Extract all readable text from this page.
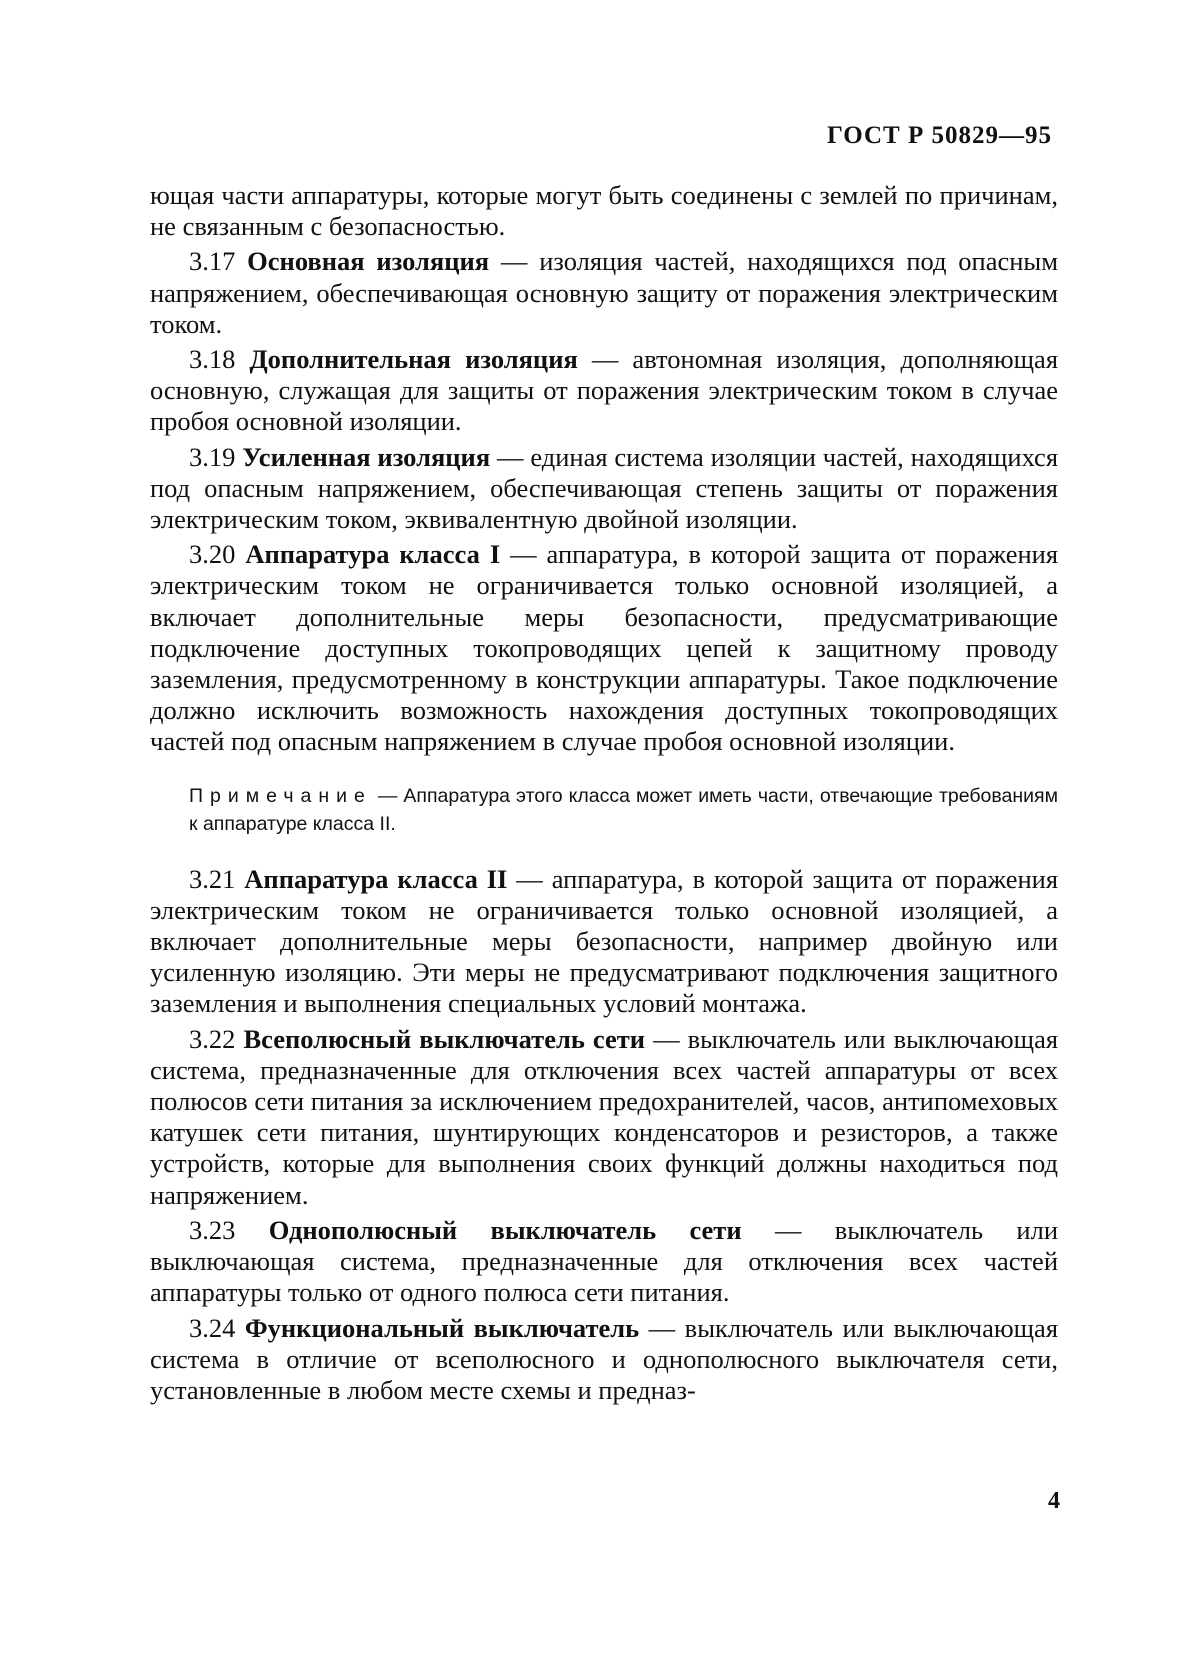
ГОСТ Р 50829—95

ющая части аппаратуры, которые могут быть соединены с землей по причинам, не связанным с безопасностью.

3.17 Основная изоляция — изоляция частей, находящихся под опасным напряжением, обеспечивающая основную защиту от поражения электрическим током.

3.18 Дополнительная изоляция — автономная изоляция, дополняющая основную, служащая для защиты от поражения электрическим током в случае пробоя основной изоляции.

3.19 Усиленная изоляция — единая система изоляции частей, находящихся под опасным напряжением, обеспечивающая степень защиты от поражения электрическим током, эквивалентную двойной изоляции.

3.20 Аппаратура класса I — аппаратура, в которой защита от поражения электрическим током не ограничивается только основной изоляцией, а включает дополнительные меры безопасности, предусматривающие подключение доступных токопроводящих цепей к защитному проводу заземления, предусмотренному в конструкции аппаратуры. Такое подключение должно исключить возможность нахождения доступных токопроводящих частей под опасным напряжением в случае пробоя основной изоляции.

Примечание — Аппаратура этого класса может иметь части, отвечающие требованиям к аппаратуре класса II.

3.21 Аппаратура класса II — аппаратура, в которой защита от поражения электрическим током не ограничивается только основной изоляцией, а включает дополнительные меры безопасности, например двойную или усиленную изоляцию. Эти меры не предусматривают подключения защитного заземления и выполнения специальных условий монтажа.

3.22 Всеполюсный выключатель сети — выключатель или выключающая система, предназначенные для отключения всех частей аппаратуры от всех полюсов сети питания за исключением предохранителей, часов, антипомеховых катушек сети питания, шунтирующих конденсаторов и резисторов, а также устройств, которые для выполнения своих функций должны находиться под напряжением.

3.23 Однополюсный выключатель сети — выключатель или выключающая система, предназначенные для отключения всех частей аппаратуры только от одного полюса сети питания.

3.24 Функциональный выключатель — выключатель или выключающая система в отличие от всеполюсного и однополюсного выключателя сети, установленные в любом месте схемы и предназ-

4
